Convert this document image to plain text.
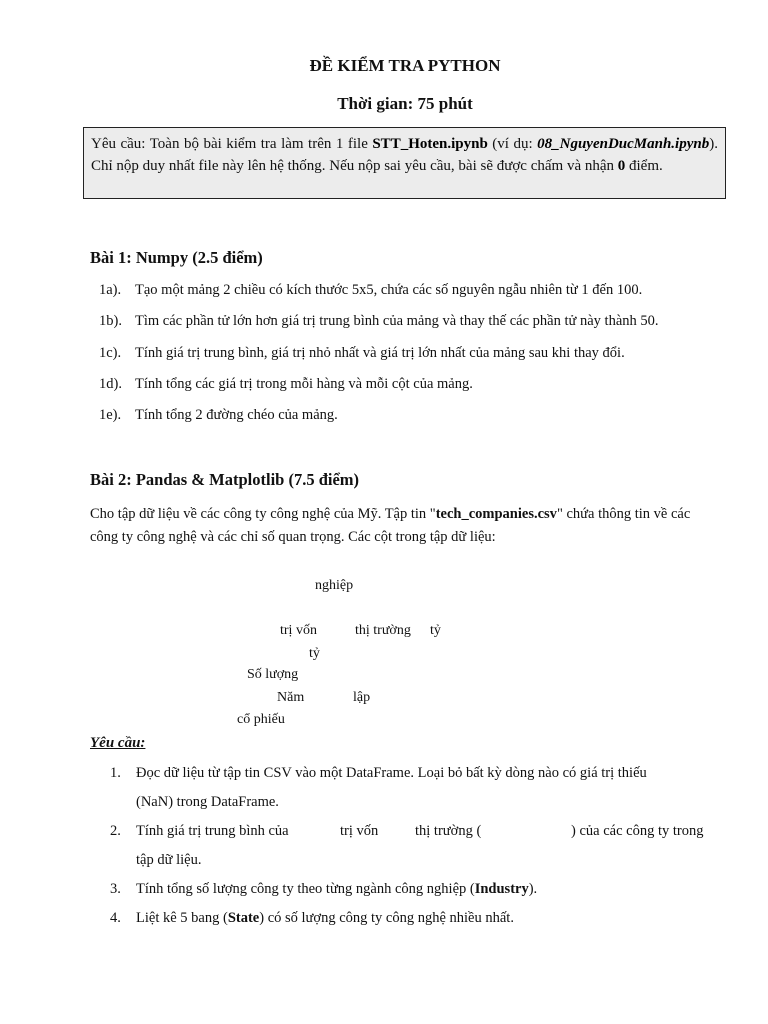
ĐỀ KIỂM TRA PYTHON
Thời gian: 75 phút
Yêu cầu: Toàn bộ bài kiểm tra làm trên 1 file STT_Hoten.ipynb (ví dụ: 08_NguyenDucManh.ipynb). Chỉ nộp duy nhất file này lên hệ thống. Nếu nộp sai yêu cầu, bài sẽ được chấm và nhận 0 điểm.
Bài 1: Numpy (2.5 điểm)
1a). Tạo một mảng 2 chiều có kích thước 5x5, chứa các số nguyên ngẫu nhiên từ 1 đến 100.
1b). Tìm các phần tử lớn hơn giá trị trung bình của mảng và thay thế các phần tử này thành 50.
1c). Tính giá trị trung bình, giá trị nhỏ nhất và giá trị lớn nhất của mảng sau khi thay đổi.
1d). Tính tổng các giá trị trong mỗi hàng và mỗi cột của mảng.
1e). Tính tổng 2 đường chéo của mảng.
Bài 2: Pandas & Matplotlib (7.5 điểm)
Cho tập dữ liệu về các công ty công nghệ của Mỹ. Tập tin "tech_companies.csv" chứa thông tin về các công ty công nghệ và các chỉ số quan trọng. Các cột trong tập dữ liệu:
nghiệp
trị vốn	thị trường tỷ
tỷ
Số lượng
Năm	lập
cổ phiếu
Yêu cầu:
1. Đọc dữ liệu từ tập tin CSV vào một DataFrame. Loại bỏ bất kỳ dòng nào có giá trị thiếu
(NaN) trong DataFrame.
2. Tính giá trị trung bình của	trị vốn	thị trường (	) của các công ty trong
tập dữ liệu.
3. Tính tổng số lượng công ty theo từng ngành công nghiệp (Industry).
4. Liệt kê 5 bang (State) có số lượng công ty công nghệ nhiều nhất.
